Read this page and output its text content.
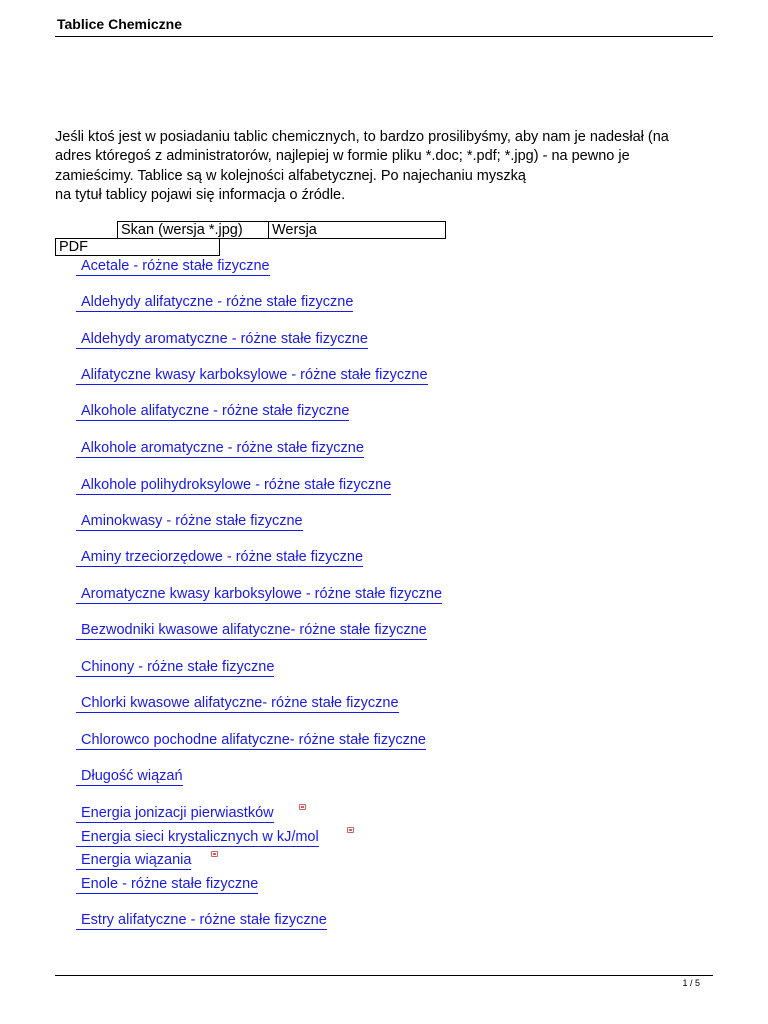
Tablice Chemiczne
Jeśli ktoś jest w posiadaniu tablic chemicznych, to bardzo prosilibyśmy, aby nam je nadesłał (na
adres któregoś z administratorów, najlepiej w formie pliku *.doc; *.pdf; *.jpg) - na pewno je
zamieścimy. Tablice są w kolejności alfabetycznej. Po najechaniu myszką
na tytuł tablicy pojawi się informacja o źródle.
Skan (wersja *.jpg)	Wersja
PDF
Acetale - różne stałe fizyczne
Aldehydy alifatyczne - różne stałe fizyczne
Aldehydy aromatyczne - różne stałe fizyczne
Alifatyczne kwasy karboksylowe - różne stałe fizyczne
Alkohole alifatyczne - różne stałe fizyczne
Alkohole aromatyczne - różne stałe fizyczne
Alkohole polihydroksylowe - różne stałe fizyczne
Aminokwasy - różne stałe fizyczne
Aminy trzeciorzędowe - różne stałe fizyczne
Aromatyczne kwasy karboksylowe - różne stałe fizyczne
Bezwodniki kwasowe alifatyczne- różne stałe fizyczne
Chinony - różne stałe fizyczne
Chlorki kwasowe alifatyczne- różne stałe fizyczne
Chlorowco pochodne alifatyczne- różne stałe fizyczne
Długość wiązań
Energia jonizacji pierwiastków
Energia sieci krystalicznych w kJ/mol
Energia wiązania
Enole - różne stałe fizyczne
Estry alifatyczne - różne stałe fizyczne
1 / 5
